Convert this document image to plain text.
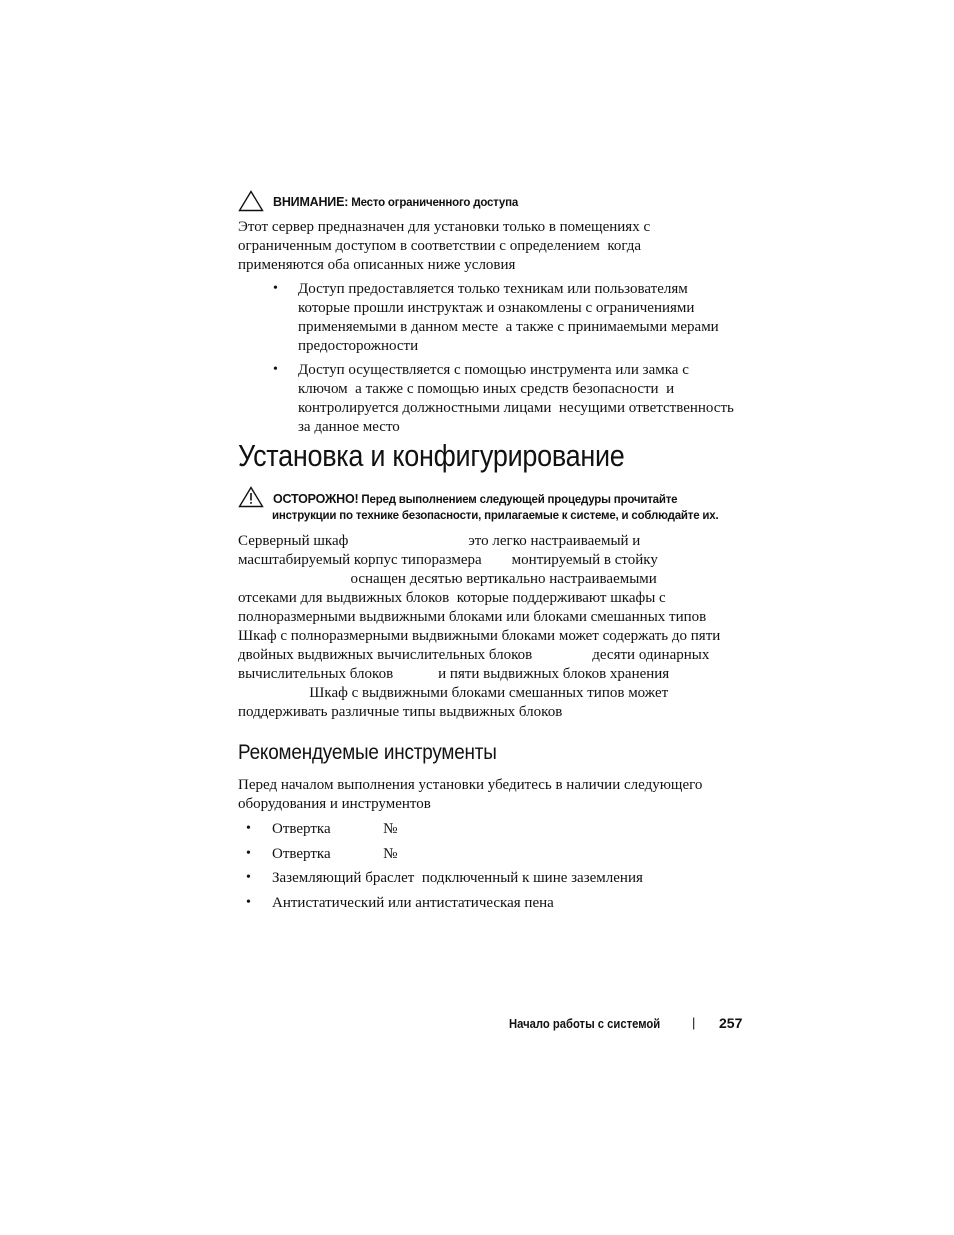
ВНИМАНИЕ: Место ограниченного доступа
Этот сервер предназначен для установки только в помещениях с
ограниченным доступом в соответствии с определением  когда
применяются оба описанных ниже условия
• Доступ предоставляется только техникам или пользователям
которые прошли инструктаж и ознакомлены с ограничениями
применяемыми в данном месте  а также с принимаемыми мерами
предосторожности
• Доступ осуществляется с помощью инструмента или замка с
ключом  а также с помощью иных средств безопасности  и
контролируется должностными лицами  несущими ответственность
за данное место
Установка и конфигурирование
ОСТОРОЖНО! Перед выполнением следующей процедуры прочитайте
инструкции по технике безопасности, прилагаемые к системе, и соблюдайте их.
Серверный шкаф                                это легко настраиваемый и
масштабируемый корпус типоразмера        монтируемый в стойку
оснащен десятью вертикально настраиваемыми
отсеками для выдвижных блоков  которые поддерживают шкафы с
полноразмерными выдвижными блоками или блоками смешанных типов
Шкаф с полноразмерными выдвижными блоками может содержать до пяти
двойных выдвижных вычислительных блоков                десяти одинарных
вычислительных блоков            и пяти выдвижных блоков хранения
Шкаф с выдвижными блоками смешанных типов может
поддерживать различные типы выдвижных блоков
Рекомендуемые инструменты
Перед началом выполнения установки убедитесь в наличии следующего
оборудования и инструментов
• Отвертка              №
• Отвертка              №
• Заземляющий браслет  подключенный к шине заземления
• Антистатический или антистатическая пена
Начало работы с системой | 257
